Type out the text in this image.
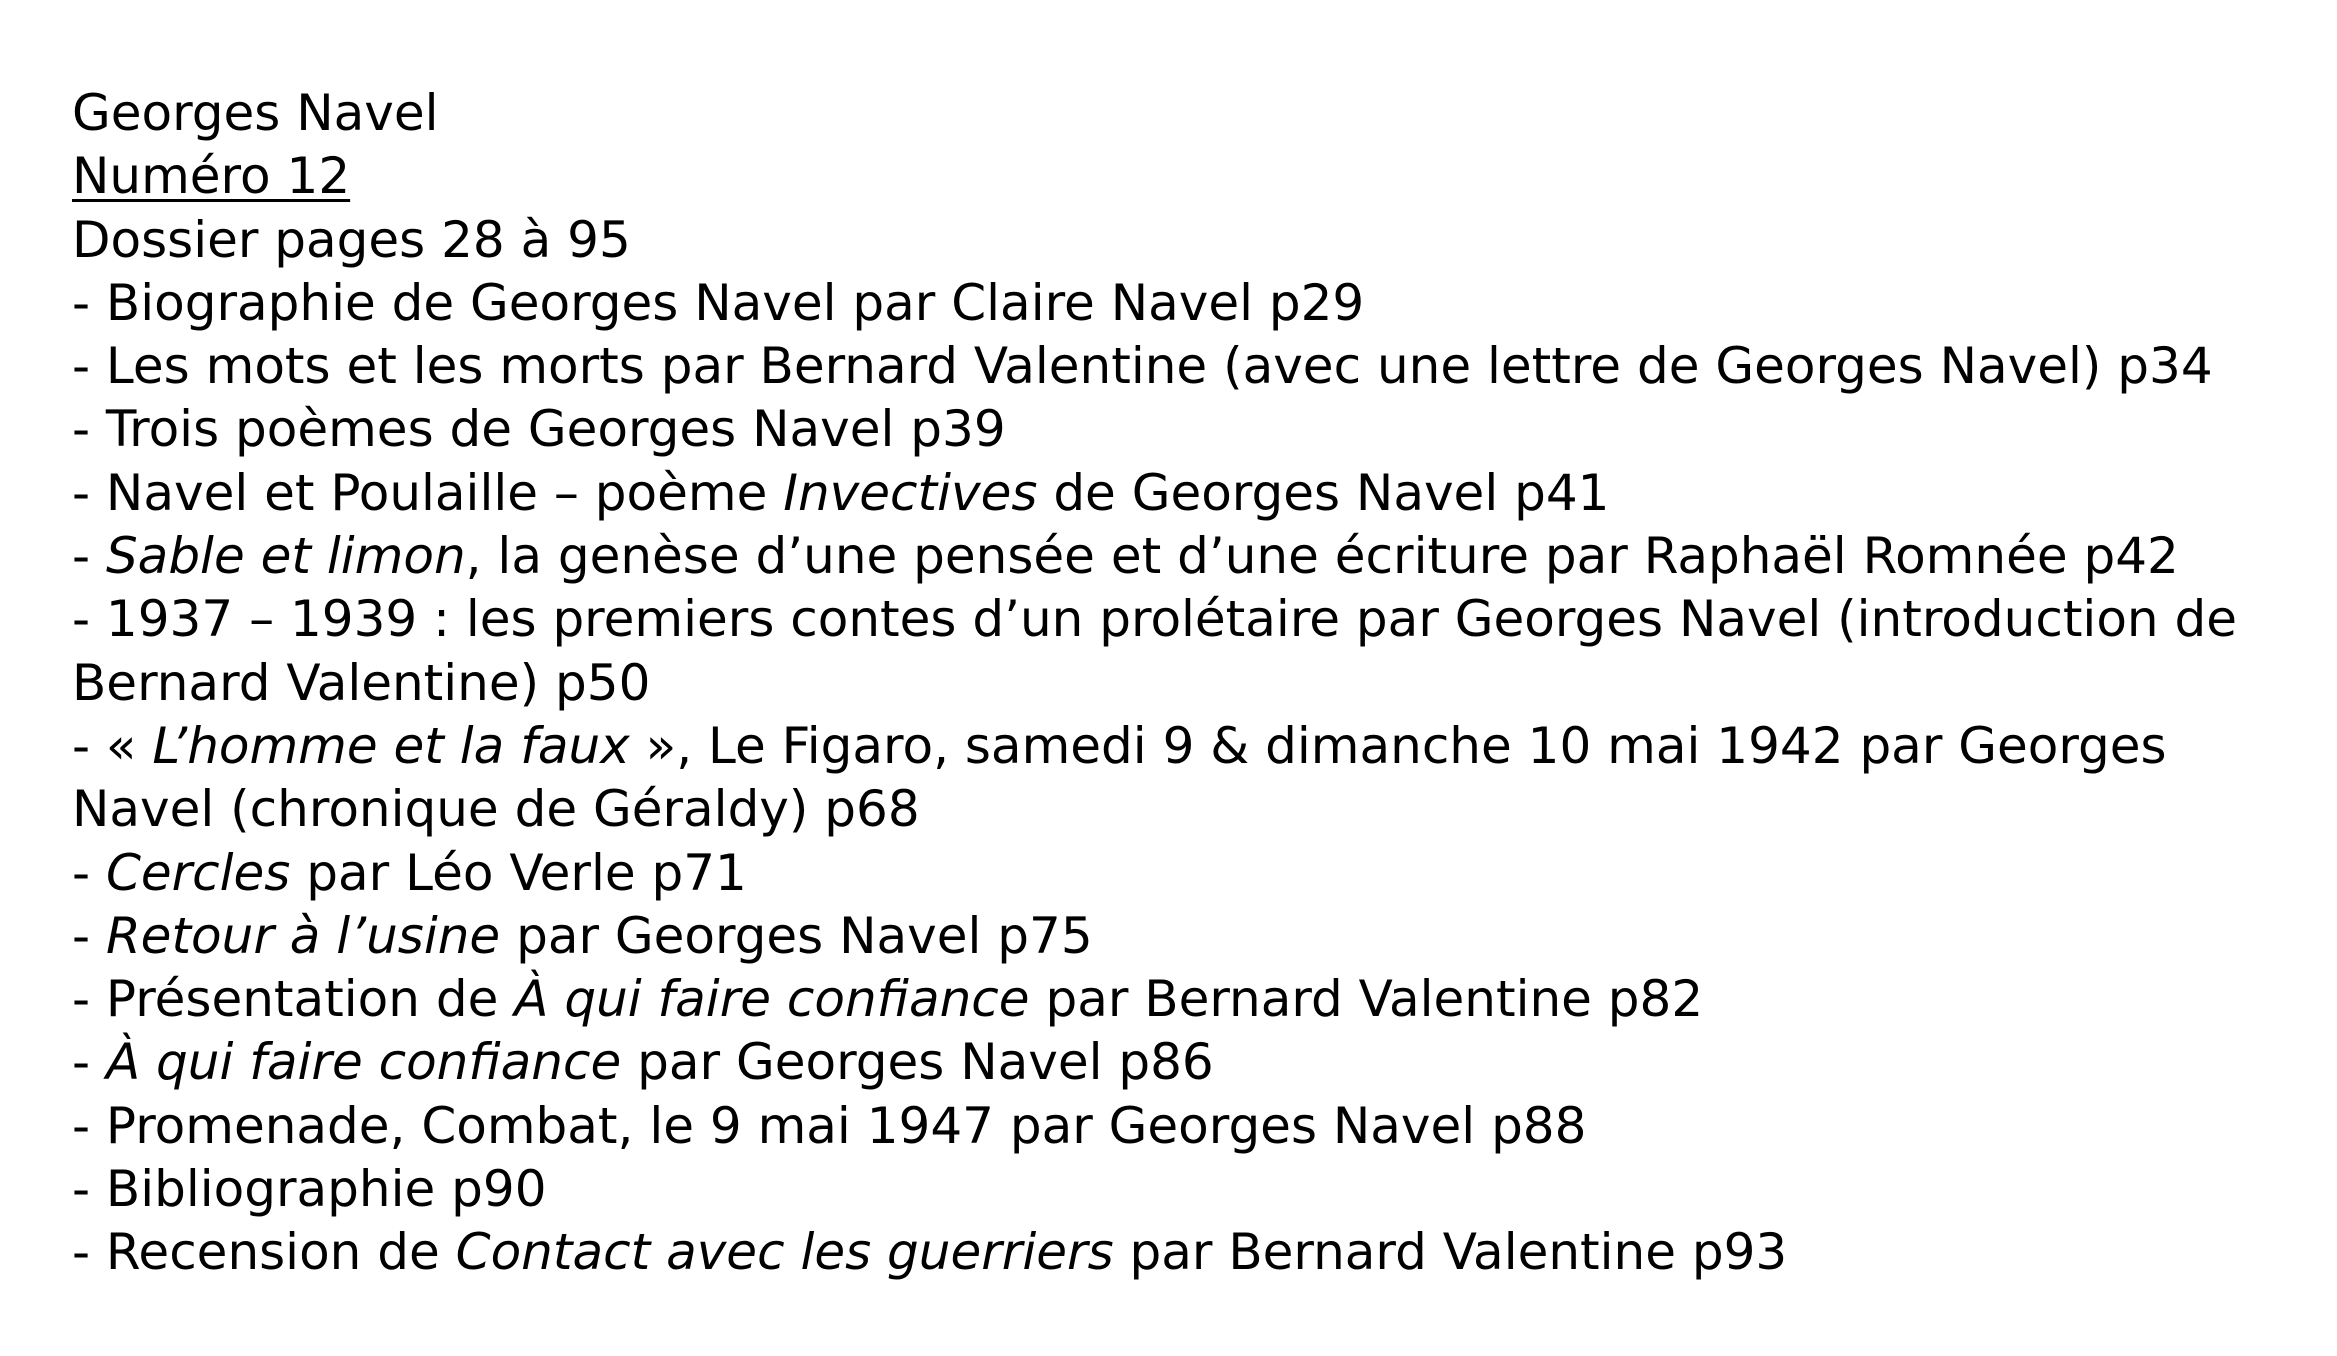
Georges Navel
Numéro 12
Dossier pages 28 à 95
- Biographie de Georges Navel par Claire Navel p29
- Les mots et les morts par Bernard Valentine (avec une lettre de Georges Navel) p34
- Trois poèmes de Georges Navel p39
- Navel et Poulaille – poème Invectives de Georges Navel p41
- Sable et limon, la genèse d’une pensée et d’une écriture par Raphaël Romnée p42
- 1937 – 1939 : les premiers contes d’un prolétaire par Georges Navel (introduction de
Bernard Valentine) p50
- « L’homme et la faux », Le Figaro, samedi 9 & dimanche 10 mai 1942 par Georges
Navel (chronique de Géraldy) p68
- Cercles par Léo Verle p71
- Retour à l’usine par Georges Navel p75
- Présentation de À qui faire confiance par Bernard Valentine p82
- À qui faire confiance par Georges Navel p86
- Promenade, Combat, le 9 mai 1947 par Georges Navel p88
- Bibliographie p90
- Recension de Contact avec les guerriers par Bernard Valentine p93
